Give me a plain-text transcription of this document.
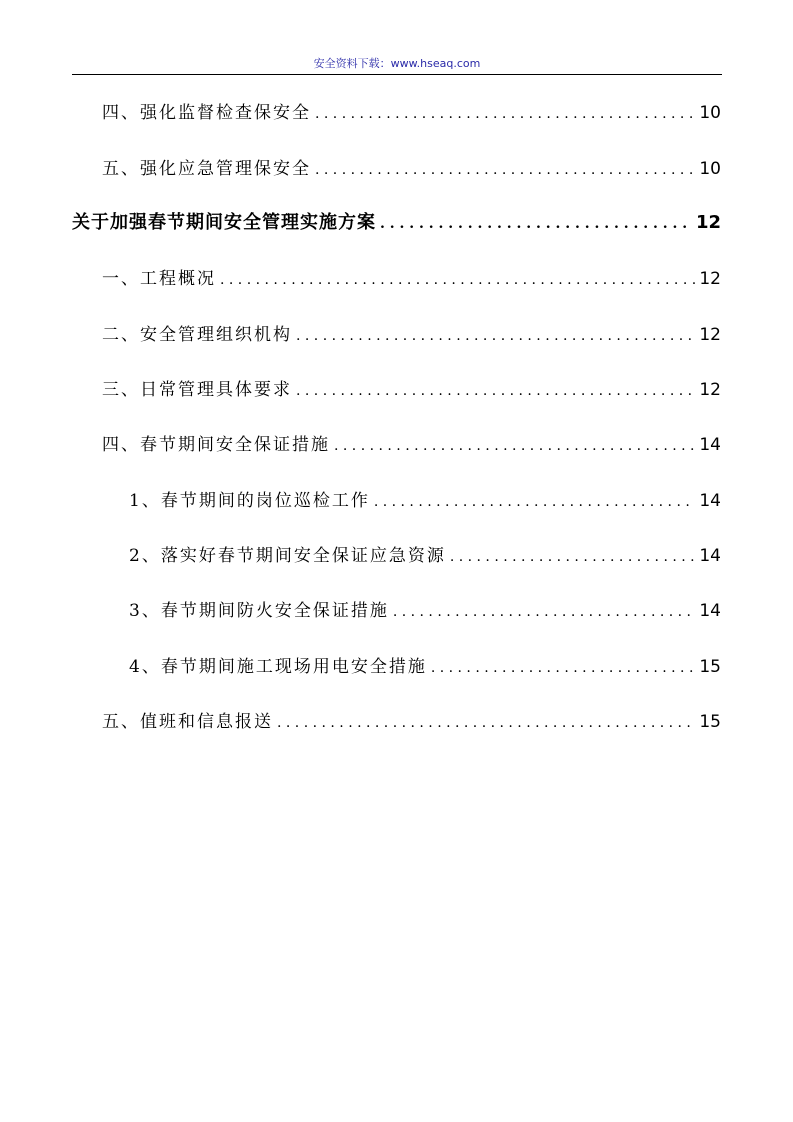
安全资料下载：www.hseaq.com
四、强化监督检查保安全 . . .	10
五、强化应急管理保安全 . . .	10
关于加强春节期间安全管理实施方案 . . .	12
一、工程概况 . . .	12
二、安全管理组织机构 . . .	12
三、日常管理具体要求 . . .	12
四、春节期间安全保证措施 . . .	14
1、春节期间的岗位巡检工作 . . .	14
2、落实好春节期间安全保证应急资源 . . .	14
3、春节期间防火安全保证措施 . . .	14
4、春节期间施工现场用电安全措施 . . .	15
五、值班和信息报送 . . .	15
